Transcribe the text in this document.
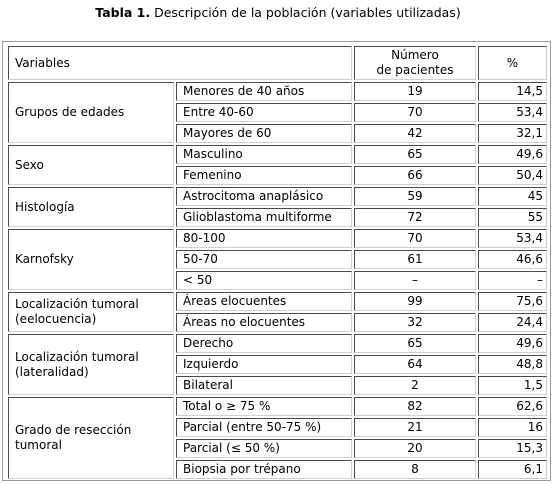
Tabla 1. Descripción de la población (variables utilizadas)
Variables		Número
de pacientes	%

Grupos de edades	Menores de 40 años	19	14,5
	Entre 40-60	70	53,4
	Mayores de 60	42	32,1

Sexo	Masculino	65	49,6
	Femenino	66	50,4

Histología	Astrocitoma anaplásico	59	45
	Glioblastoma multiforme	72	55

Karnofsky	80-100	70	53,4
	50-70	61	46,6
	< 50	–	–

Localización tumoral
(eelocuencia)	Áreas elocuentes	99	75,6
	Áreas no elocuentes	32	24,4

Localización tumoral
(lateralidad)	Derecho	65	49,6
	Izquierdo	64	48,8
	Bilateral	2	1,5

Grado de resección
tumoral	Total o ≥ 75 %	82	62,6
	Parcial (entre 50-75 %)	21	16
	Parcial (≤ 50 %)	20	15,3
	Biopsia por trépano	8	6,1
